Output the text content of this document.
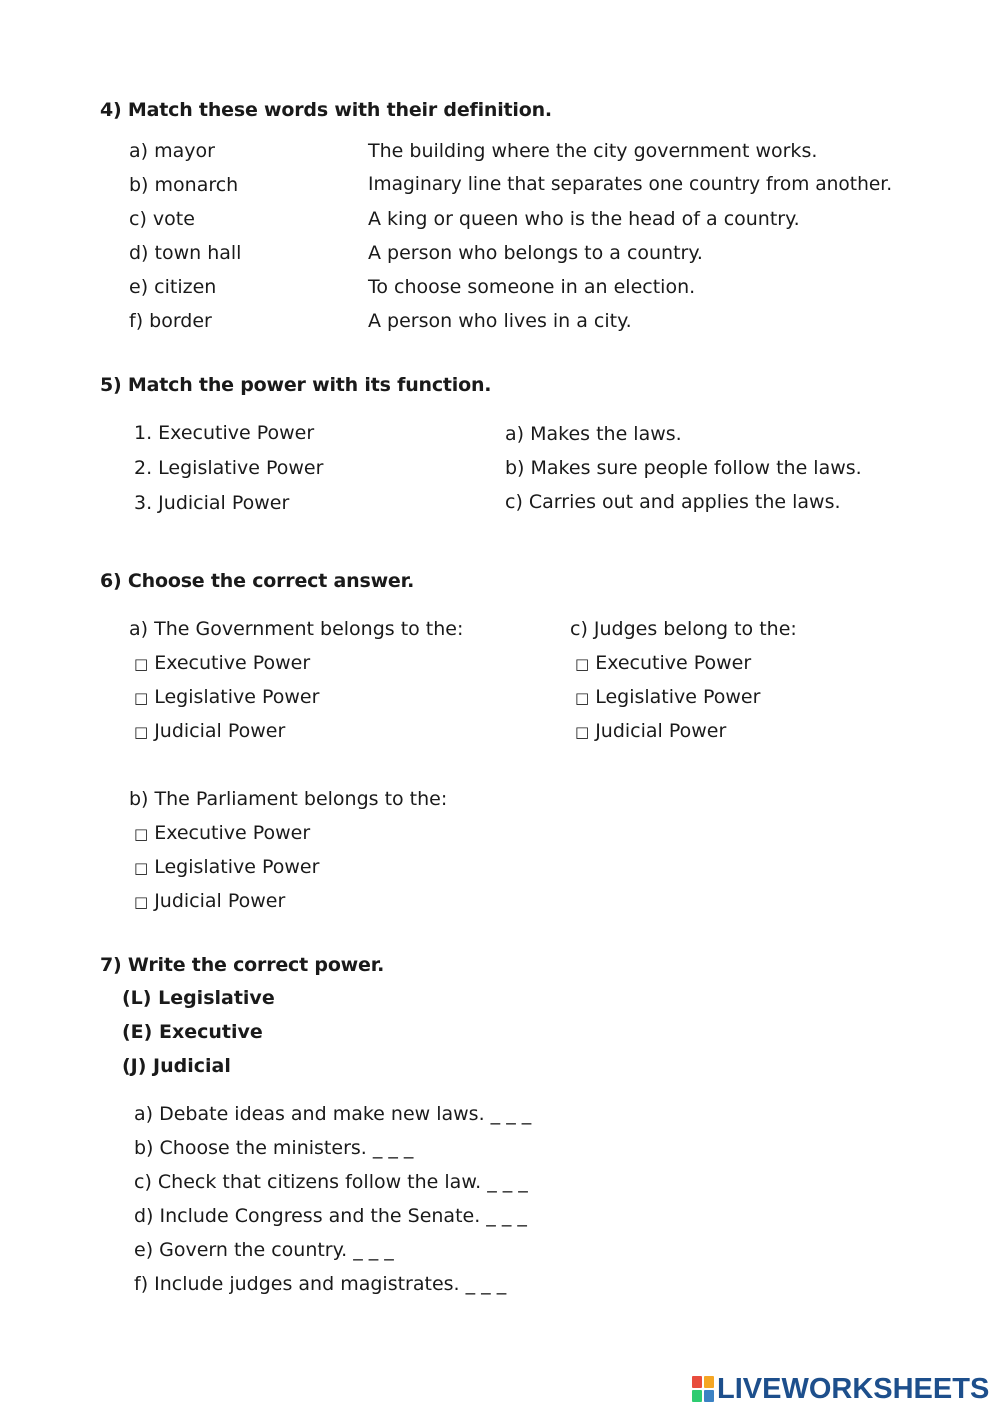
4) Match these words with their definition.
a) mayor
b) monarch
c) vote
d) town hall
e) citizen
f) border
The building where the city government works.
Imaginary line that separates one country from another.
A king or queen who is the head of a country.
A person who belongs to a country.
To choose someone in an election.
A person who lives in a city.
5) Match the power with its function.
1. Executive Power
2. Legislative Power
3. Judicial Power
a) Makes the laws.
b) Makes sure people follow the laws.
c) Carries out and applies the laws.
6) Choose the correct answer.
a) The Government belongs to the:
□ Executive Power
□ Legislative Power
□ Judicial Power
c) Judges belong to the:
□ Executive Power
□ Legislative Power
□ Judicial Power
b) The Parliament belongs to the:
□ Executive Power
□ Legislative Power
□ Judicial Power
7) Write the correct power.
(L) Legislative
(E) Executive
(J) Judicial
a) Debate ideas and make new laws. _ _ _
b) Choose the ministers. _ _ _
c) Check that citizens follow the law. _ _ _
d) Include Congress and the Senate. _ _ _
e) Govern the country. _ _ _
f) Include judges and magistrates. _ _ _
LIVEWORKSHEETS
